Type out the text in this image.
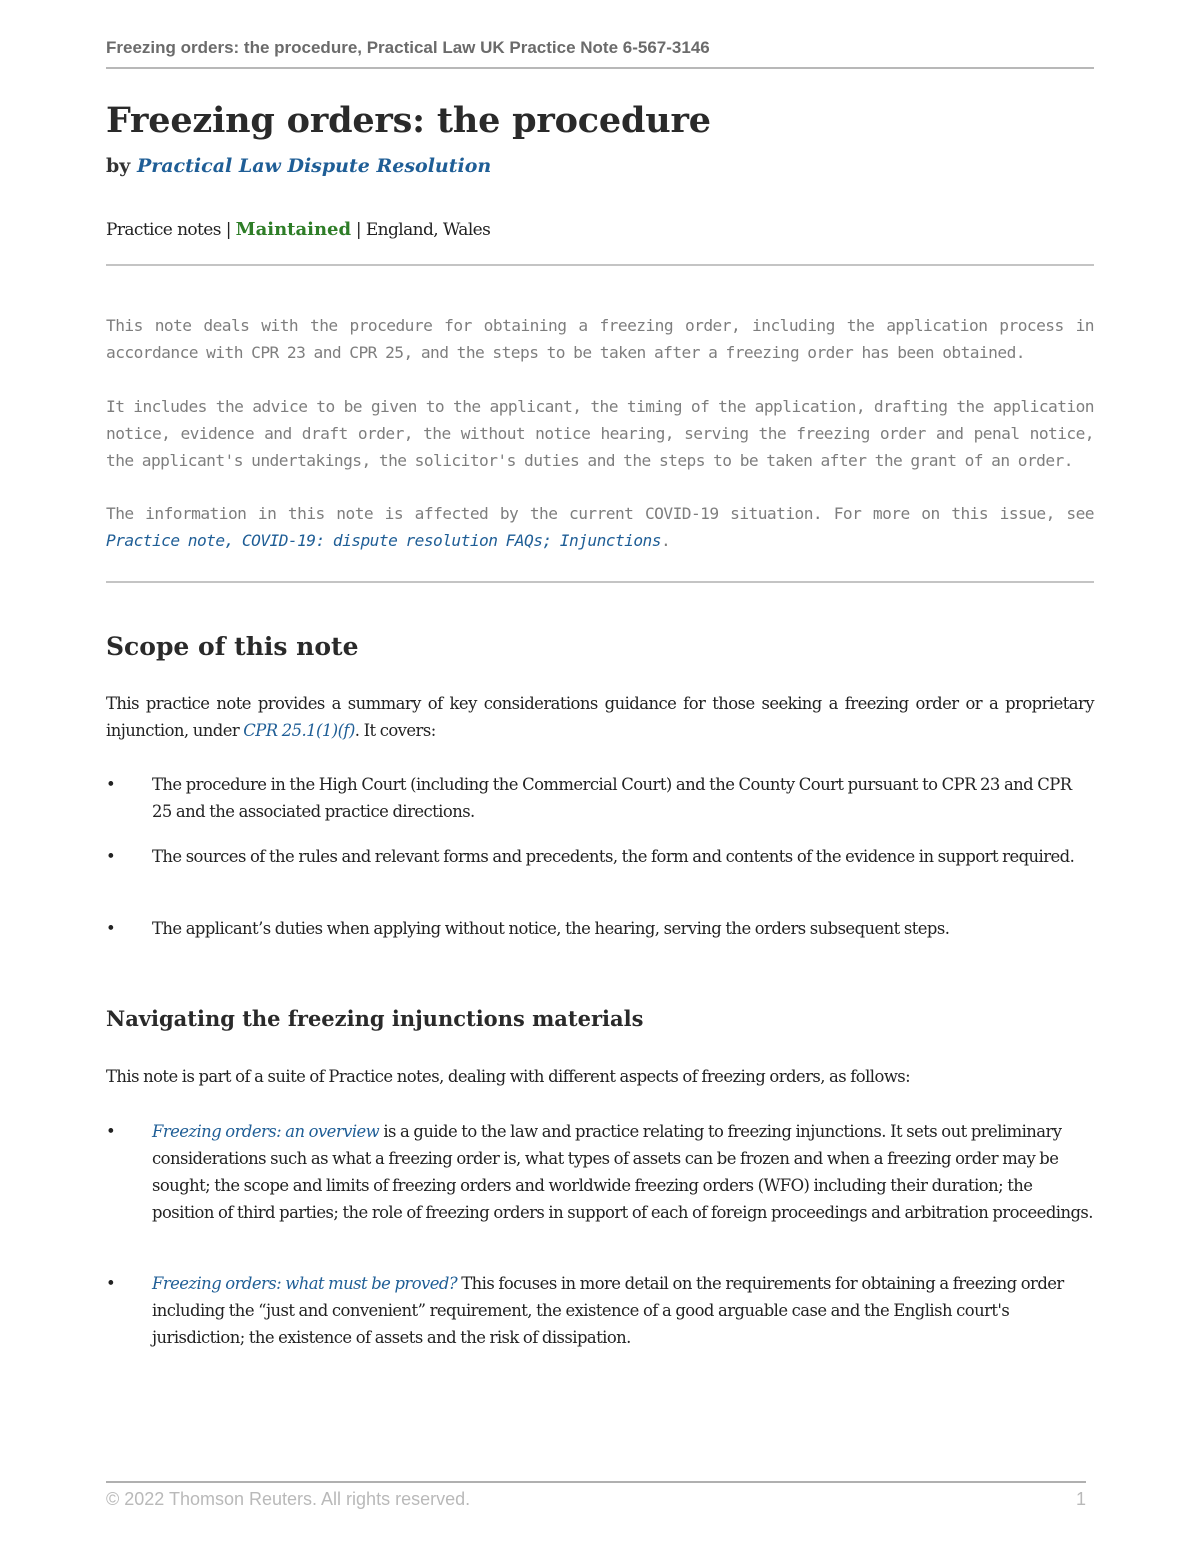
Freezing orders: the procedure, Practical Law UK Practice Note 6-567-3146
Freezing orders: the procedure
by Practical Law Dispute Resolution
Practice notes | Maintained | England, Wales

This note deals with the procedure for obtaining a freezing order, including the application process in accordance with CPR 23 and CPR 25, and the steps to be taken after a freezing order has been obtained.

It includes the advice to be given to the applicant, the timing of the application, drafting the application notice, evidence and draft order, the without notice hearing, serving the freezing order and penal notice, the applicant's undertakings, the solicitor's duties and the steps to be taken after the grant of an order.

The information in this note is affected by the current COVID-19 situation. For more on this issue, see Practice note, COVID-19: dispute resolution FAQs; Injunctions.

Scope of this note

This practice note provides a summary of key considerations guidance for those seeking a freezing order or a proprietary injunction, under CPR 25.1(1)(f). It covers:

•	The procedure in the High Court (including the Commercial Court) and the County Court pursuant to CPR 23 and CPR 25 and the associated practice directions.
•	The sources of the rules and relevant forms and precedents, the form and contents of the evidence in support required.
•	The applicant’s duties when applying without notice, the hearing, serving the orders subsequent steps.
Navigating the freezing injunctions materials

This note is part of a suite of Practice notes, dealing with different aspects of freezing orders, as follows:

•	Freezing orders: an overview is a guide to the law and practice relating to freezing injunctions. It sets out preliminary considerations such as what a freezing order is, what types of assets can be frozen and when a freezing order may be sought; the scope and limits of freezing orders and worldwide freezing orders (WFO) including their duration; the position of third parties; the role of freezing orders in support of each of foreign proceedings and arbitration proceedings.
•	Freezing orders: what must be proved? This focuses in more detail on the requirements for obtaining a freezing order including the “just and convenient” requirement, the existence of a good arguable case and the English court's jurisdiction; the existence of assets and the risk of dissipation.
© 2022 Thomson Reuters. All rights reserved.	1
